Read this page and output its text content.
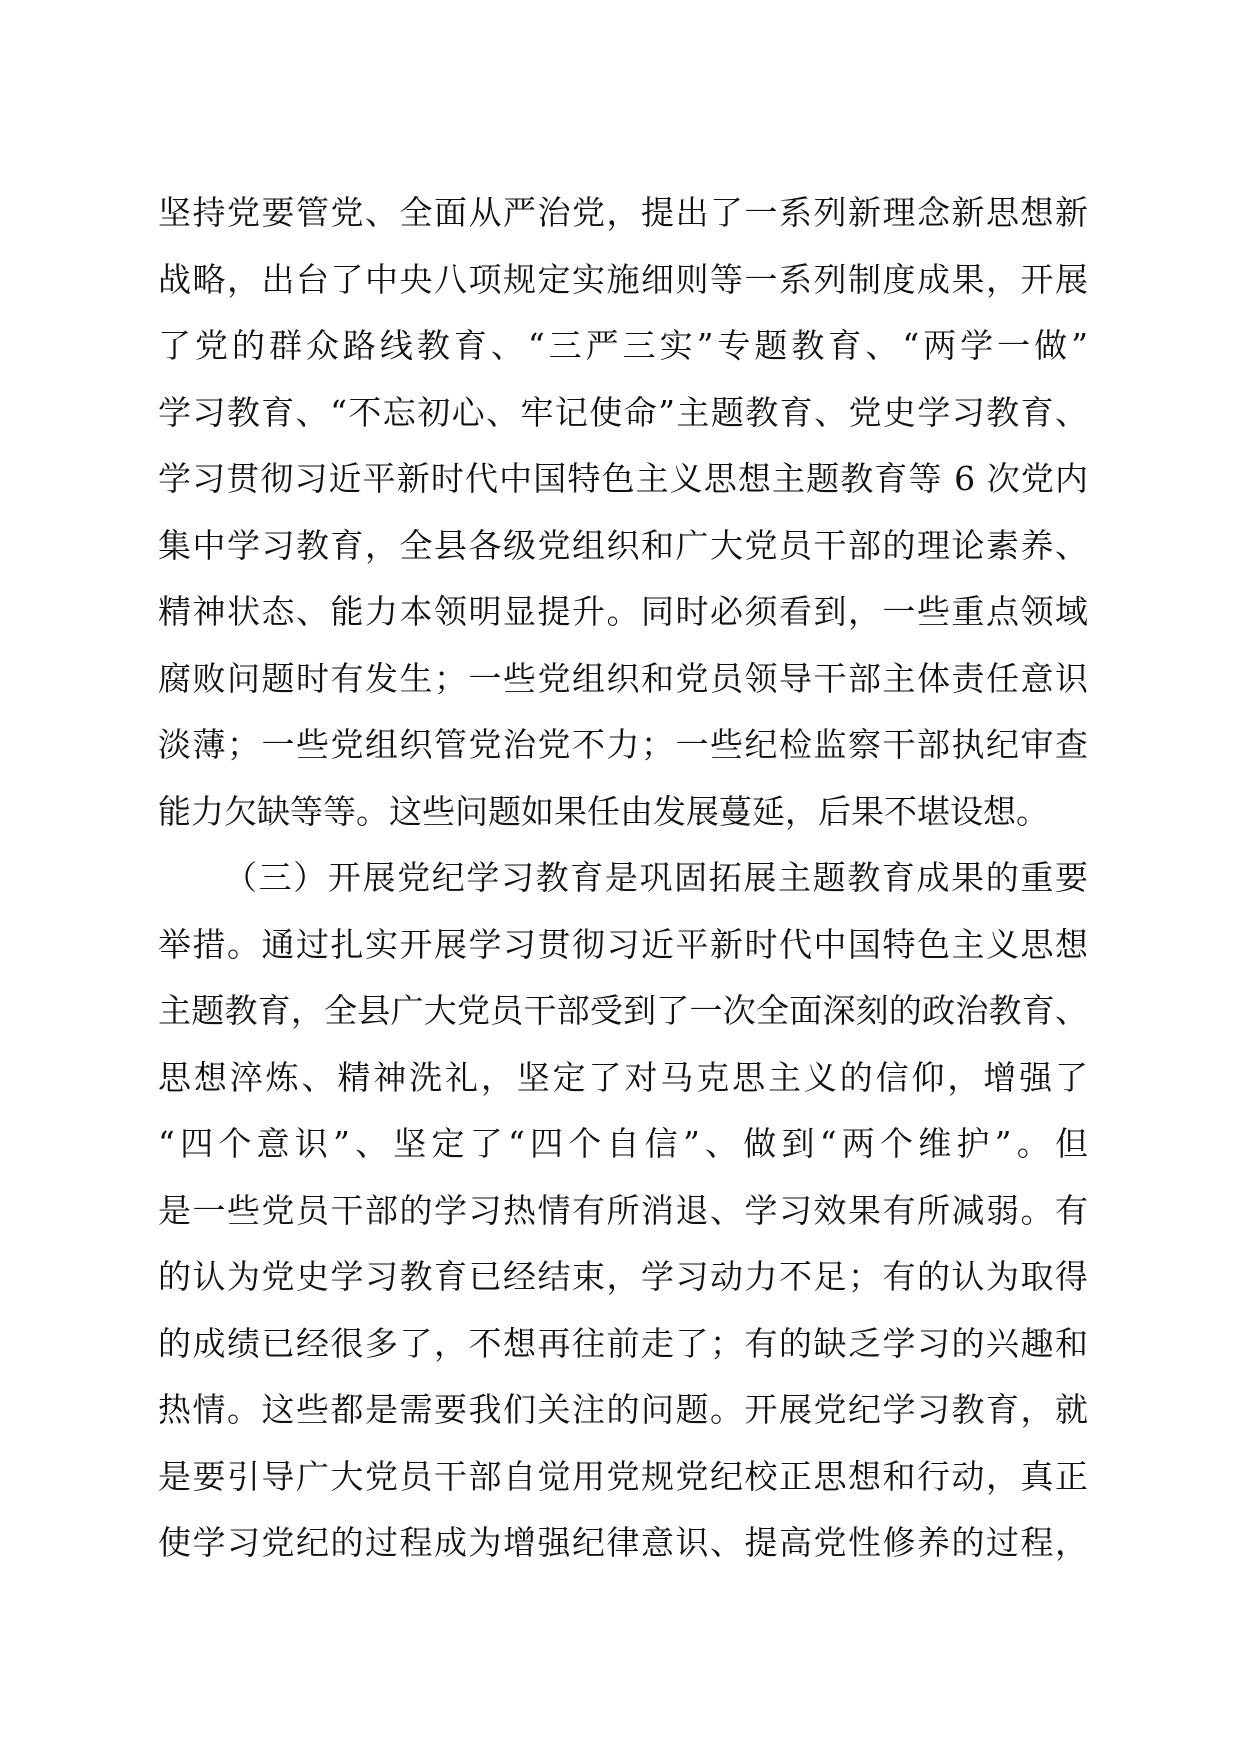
坚持党要管党、全面从严治党，提出了一系列新理念新思想新
战略，出台了中央八项规定实施细则等一系列制度成果，开展
了党的群众路线教育、“三严三实”专题教育、“两学一做”
学习教育、“不忘初心、牢记使命”主题教育、党史学习教育、
学习贯彻习近平新时代中国特色主义思想主题教育等 6 次党内
集中学习教育，全县各级党组织和广大党员干部的理论素养、
精神状态、能力本领明显提升。同时必须看到，一些重点领域
腐败问题时有发生；一些党组织和党员领导干部主体责任意识
淡薄；一些党组织管党治党不力；一些纪检监察干部执纪审查
能力欠缺等等。这些问题如果任由发展蔓延，后果不堪设想。
（三）开展党纪学习教育是巩固拓展主题教育成果的重要
举措。通过扎实开展学习贯彻习近平新时代中国特色主义思想
主题教育，全县广大党员干部受到了一次全面深刻的政治教育、
思想淬炼、精神洗礼，坚定了对马克思主义的信仰，增强了
“四个意识”、坚定了“四个自信”、做到“两个维护”。但
是一些党员干部的学习热情有所消退、学习效果有所减弱。有
的认为党史学习教育已经结束，学习动力不足；有的认为取得
的成绩已经很多了，不想再往前走了；有的缺乏学习的兴趣和
热情。这些都是需要我们关注的问题。开展党纪学习教育，就
是要引导广大党员干部自觉用党规党纪校正思想和行动，真正
使学习党纪的过程成为增强纪律意识、提高党性修养的过程，
